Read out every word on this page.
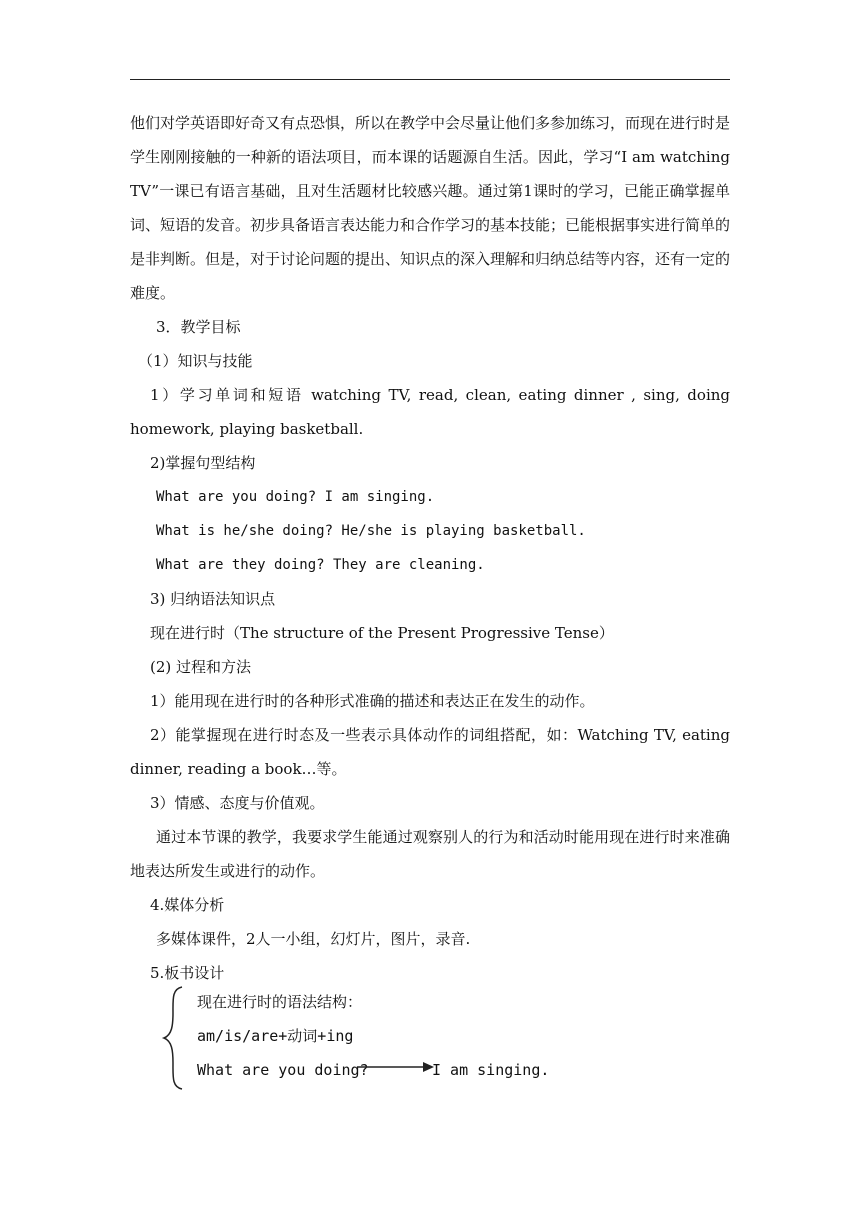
他们对学英语即好奇又有点恐惧，所以在教学中会尽量让他们多参加练习，而现在进行时是学生刚刚接触的一种新的语法项目，而本课的话题源自生活。因此，学习“I am watching TV”一课已有语言基础，且对生活题材比较感兴趣。通过第1课时的学习，已能正确掌握单词、短语的发音。初步具备语言表达能力和合作学习的基本技能；已能根据事实进行简单的是非判断。但是，对于讨论问题的提出、知识点的深入理解和归纳总结等内容，还有一定的难度。

3．教学目标

（1）知识与技能

1）学习单词和短语 watching TV, read, clean, eating dinner , sing, doing homework, playing basketball.

2)掌握句型结构

What are you doing? I am singing.

What is he/she doing? He/she is playing basketball.

What are they doing? They are cleaning.

3) 归纳语法知识点

现在进行时（The structure of the Present Progressive Tense）

(2) 过程和方法

1）能用现在进行时的各种形式准确的描述和表达正在发生的动作。

2）能掌握现在进行时态及一些表示具体动作的词组搭配，如：Watching TV, eating dinner, reading a book…等。

3）情感、态度与价值观。

通过本节课的教学，我要求学生能通过观察别人的行为和活动时能用现在进行时来准确地表达所发生或进行的动作。

4.媒体分析

多媒体课件，2人一小组，幻灯片，图片，录音.

5.板书设计

现在进行时的语法结构：
am/is/are+动词+ing
What are you doing?	I am singing.
